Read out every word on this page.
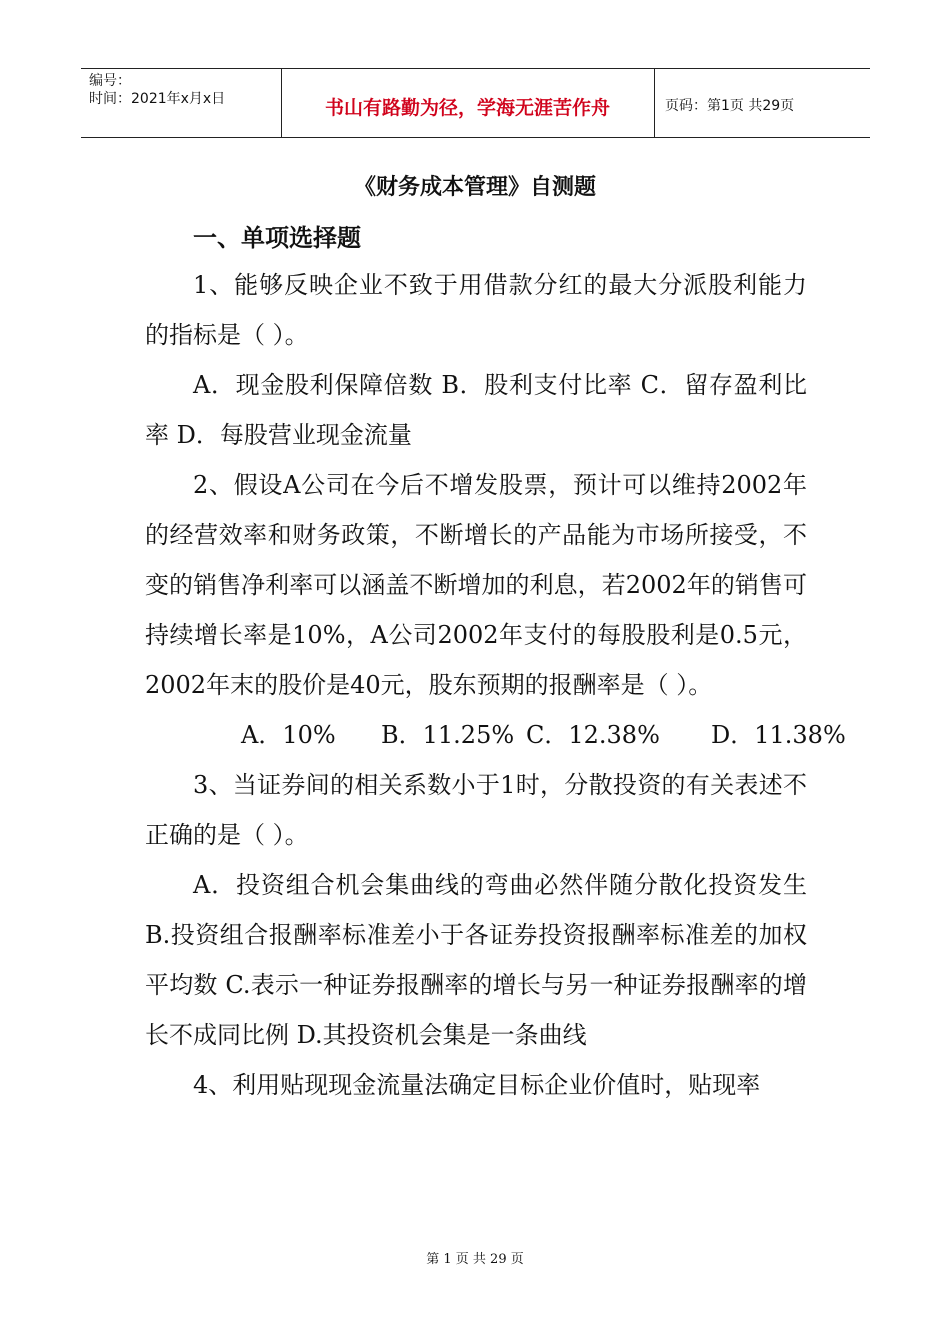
编号：
时间：2021年x月x日	书山有路勤为径，学海无涯苦作舟	页码：第1页 共29页
《财务成本管理》自测题
一、单项选择题

1、能够反映企业不致于用借款分红的最大分派股利能力的指标是（ ）。

A．现金股利保障倍数 B．股利支付比率 C．留存盈利比率 D．每股营业现金流量

2、假设A公司在今后不增发股票，预计可以维持2002年的经营效率和财务政策，不断增长的产品能为市场所接受，不变的销售净利率可以涵盖不断增加的利息，若2002年的销售可持续增长率是10%，A公司2002年支付的每股股利是0.5元，2002年末的股价是40元，股东预期的报酬率是（ ）。

A．10% B．11.25% C．12.38% D．11.38%

3、当证券间的相关系数小于1时，分散投资的有关表述不正确的是（ ）。

A．投资组合机会集曲线的弯曲必然伴随分散化投资发生 B.投资组合报酬率标准差小于各证券投资报酬率标准差的加权平均数 C.表示一种证券报酬率的增长与另一种证券报酬率的增长不成同比例 D.其投资机会集是一条曲线

4、利用贴现现金流量法确定目标企业价值时，贴现率

第 1 页 共 29 页
